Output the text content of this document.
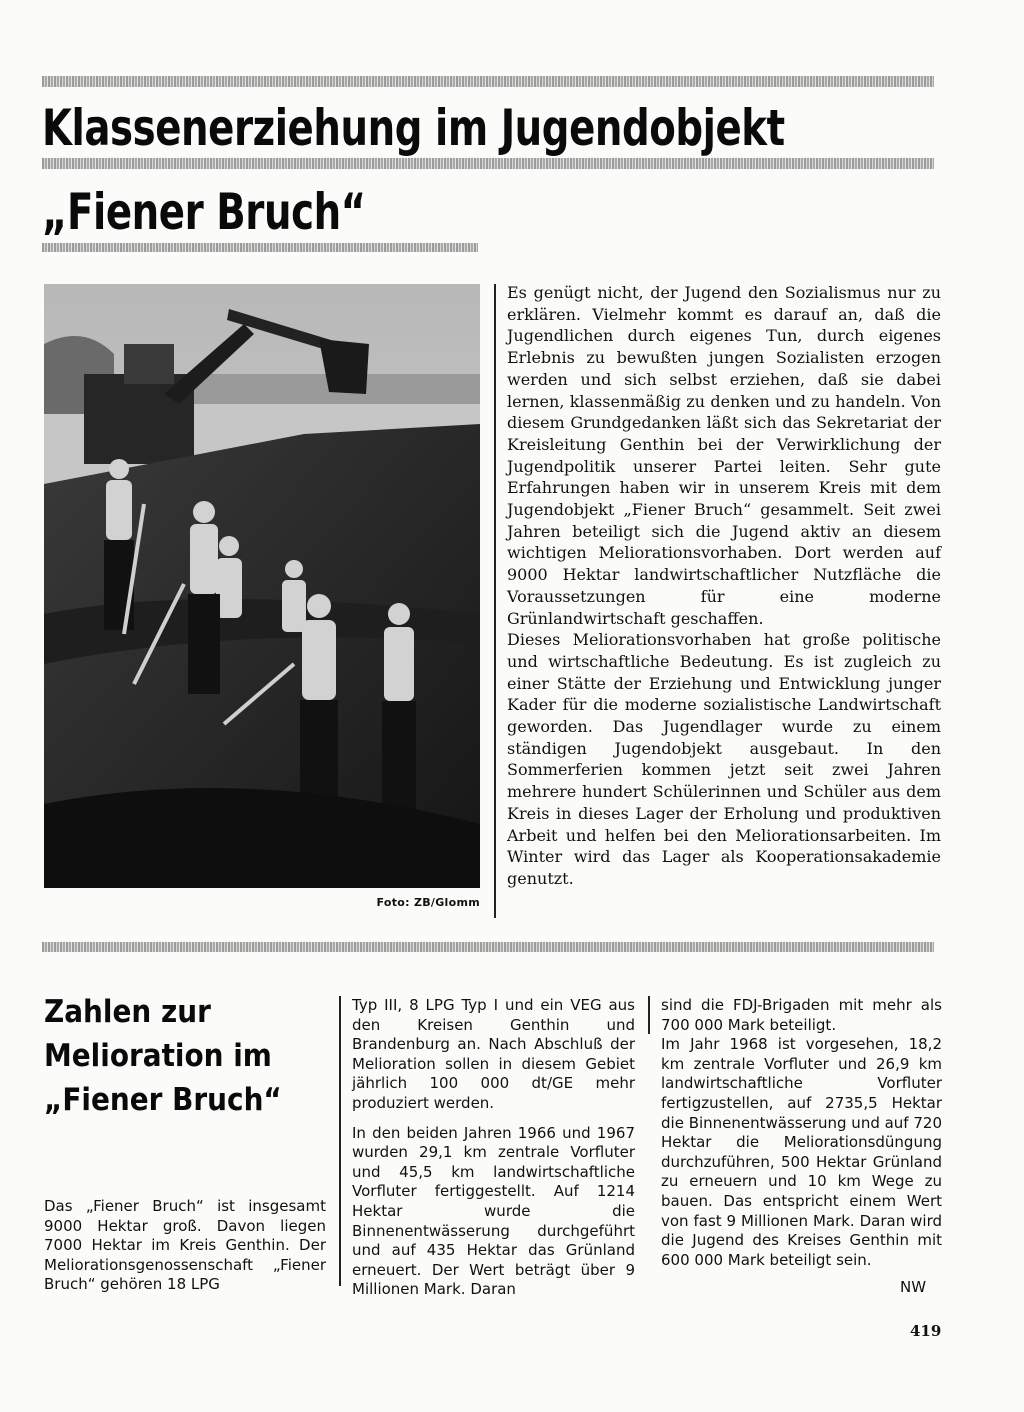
Klassenerziehung im Jugendobjekt
„Fiener Bruch“
Foto: ZB/Glomm

Es genügt nicht, der Jugend den Sozialismus nur zu erklären. Vielmehr kommt es darauf an, daß die Jugendlichen durch eigenes Tun, durch eigenes Erlebnis zu bewußten jungen Sozialisten erzogen werden und sich selbst erziehen, daß sie dabei lernen, klassenmäßig zu denken und zu handeln. Von diesem Grundgedanken läßt sich das Sekretariat der Kreisleitung Genthin bei der Verwirklichung der Jugendpolitik unserer Partei leiten. Sehr gute Erfahrungen haben wir in unserem Kreis mit dem Jugendobjekt „Fiener Bruch“ gesammelt. Seit zwei Jahren beteiligt sich die Jugend aktiv an diesem wichtigen Meliorationsvorhaben. Dort werden auf 9000 Hektar landwirtschaftlicher Nutzfläche die Voraussetzungen für eine moderne Grünlandwirtschaft geschaffen.

Dieses Meliorationsvorhaben hat große politische und wirtschaftliche Bedeutung. Es ist zugleich zu einer Stätte der Erziehung und Entwicklung junger Kader für die moderne sozialistische Landwirtschaft geworden. Das Jugendlager wurde zu einem ständigen Jugendobjekt ausgebaut. In den Sommerferien kommen jetzt seit zwei Jahren mehrere hundert Schülerinnen und Schüler aus dem Kreis in dieses Lager der Erholung und produktiven Arbeit und helfen bei den Meliorationsarbeiten. Im Winter wird das Lager als Kooperationsakademie genutzt.

Zahlen zur Melioration im „Fiener Bruch“

Das „Fiener Bruch“ ist insgesamt 9000 Hektar groß. Davon liegen 7000 Hektar im Kreis Genthin. Der Meliorationsgenossenschaft „Fiener Bruch“ gehören 18 LPG

Typ III, 8 LPG Typ I und ein VEG aus den Kreisen Genthin und Brandenburg an. Nach Abschluß der Melioration sollen in diesem Gebiet jährlich 100 000 dt/GE mehr produziert werden.

In den beiden Jahren 1966 und 1967 wurden 29,1 km zentrale Vorfluter und 45,5 km landwirtschaftliche Vorfluter fertiggestellt. Auf 1214 Hektar wurde die Binnenentwässerung durchgeführt und auf 435 Hektar das Grünland erneuert. Der Wert beträgt über 9 Millionen Mark. Daran

sind die FDJ-Brigaden mit mehr als 700 000 Mark beteiligt.

Im Jahr 1968 ist vorgesehen, 18,2 km zentrale Vorfluter und 26,9 km landwirtschaftliche Vorfluter fertigzustellen, auf 2735,5 Hektar die Binnenentwässerung und auf 720 Hektar die Meliorationsdüngung durchzuführen, 500 Hektar Grünland zu erneuern und 10 km Wege zu bauen. Das entspricht einem Wert von fast 9 Millionen Mark. Daran wird die Jugend des Kreises Genthin mit 600 000 Mark beteiligt sein.

NW
419
